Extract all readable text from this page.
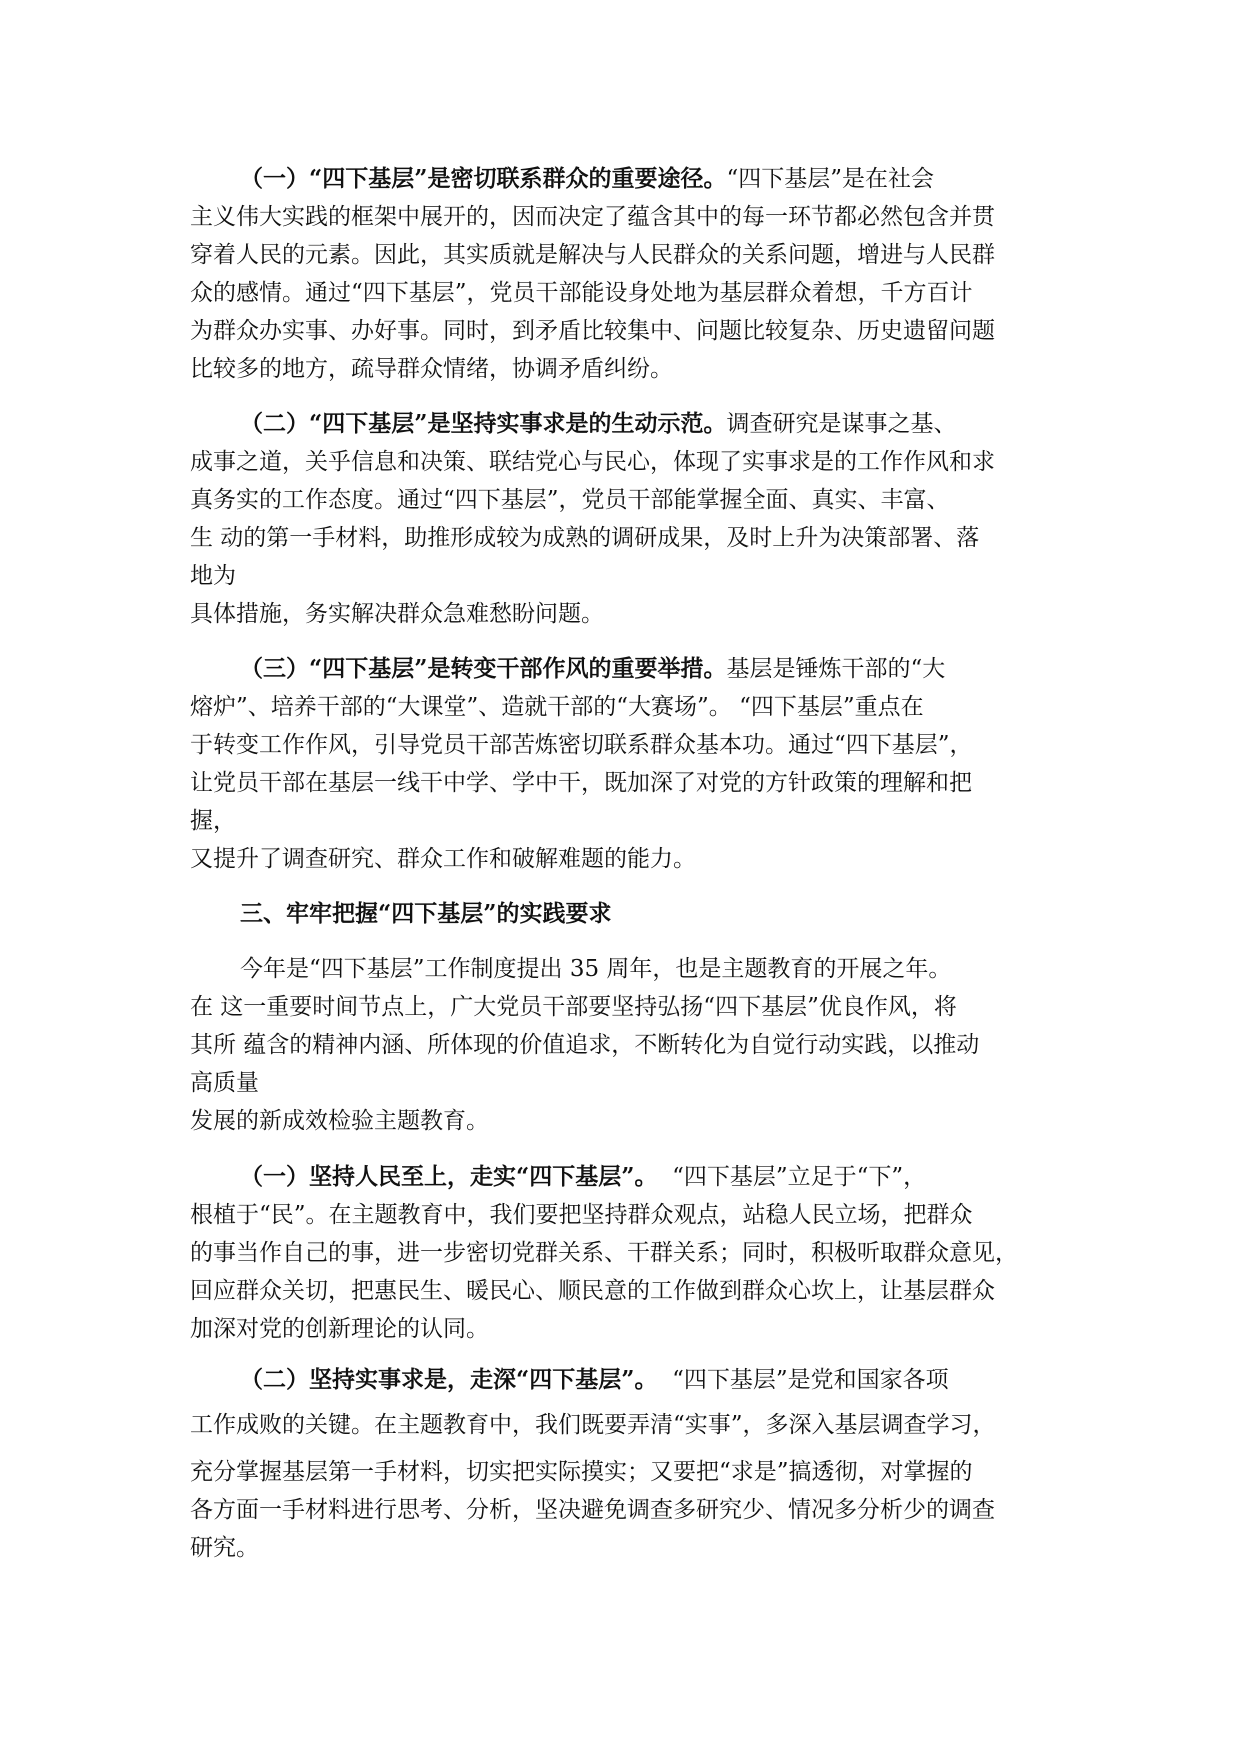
（一）“四下基层”是密切联系群众的重要途径。“四下基层”是在社会
主义伟大实践的框架中展开的，因而决定了蕴含其中的每一环节都必然包含并贯
穿着人民的元素。因此，其实质就是解决与人民群众的关系问题，增进与人民群
众的感情。通过“四下基层”，党员干部能设身处地为基层群众着想，千方百计
为群众办实事、办好事。同时，到矛盾比较集中、问题比较复杂、历史遗留问题
比较多的地方，疏导群众情绪，协调矛盾纠纷。
（二）“四下基层”是坚持实事求是的生动示范。调查研究是谋事之基、
成事之道，关乎信息和决策、联结党心与民心，体现了实事求是的工作作风和求
真务实的工作态度。通过“四下基层”，党员干部能掌握全面、真实、丰富、
生 动的第一手材料，助推形成较为成熟的调研成果，及时上升为决策部署、落
地为
具体措施，务实解决群众急难愁盼问题。
（三）“四下基层”是转变干部作风的重要举措。基层是锤炼干部的“大
熔炉”、培养干部的“大课堂”、造就干部的“大赛场”。 “四下基层”重点在
于转变工作作风，引导党员干部苦炼密切联系群众基本功。通过“四下基层”，
让党员干部在基层一线干中学、学中干，既加深了对党的方针政策的理解和把
握，
又提升了调查研究、群众工作和破解难题的能力。
三、牢牢把握“四下基层”的实践要求
今年是“四下基层”工作制度提出 35 周年，也是主题教育的开展之年。
在 这一重要时间节点上，广大党员干部要坚持弘扬“四下基层”优良作风，将
其所 蕴含的精神内涵、所体现的价值追求，不断转化为自觉行动实践，以推动
高质量
发展的新成效检验主题教育。
（一）坚持人民至上，走实“四下基层”。  “四下基层”立足于“下”，
根植于“民”。在主题教育中，我们要把坚持群众观点，站稳人民立场，把群众
的事当作自己的事，进一步密切党群关系、干群关系；同时，积极听取群众意见，
回应群众关切，把惠民生、暖民心、顺民意的工作做到群众心坎上，让基层群众
加深对党的创新理论的认同。
（二）坚持实事求是，走深“四下基层”。  “四下基层”是党和国家各项
工作成败的关键。在主题教育中，我们既要弄清“实事”，多深入基层调查学习，
充分掌握基层第一手材料，切实把实际摸实；又要把“求是”搞透彻，对掌握的
各方面一手材料进行思考、分析，坚决避免调查多研究少、情况多分析少的调查
研究。
